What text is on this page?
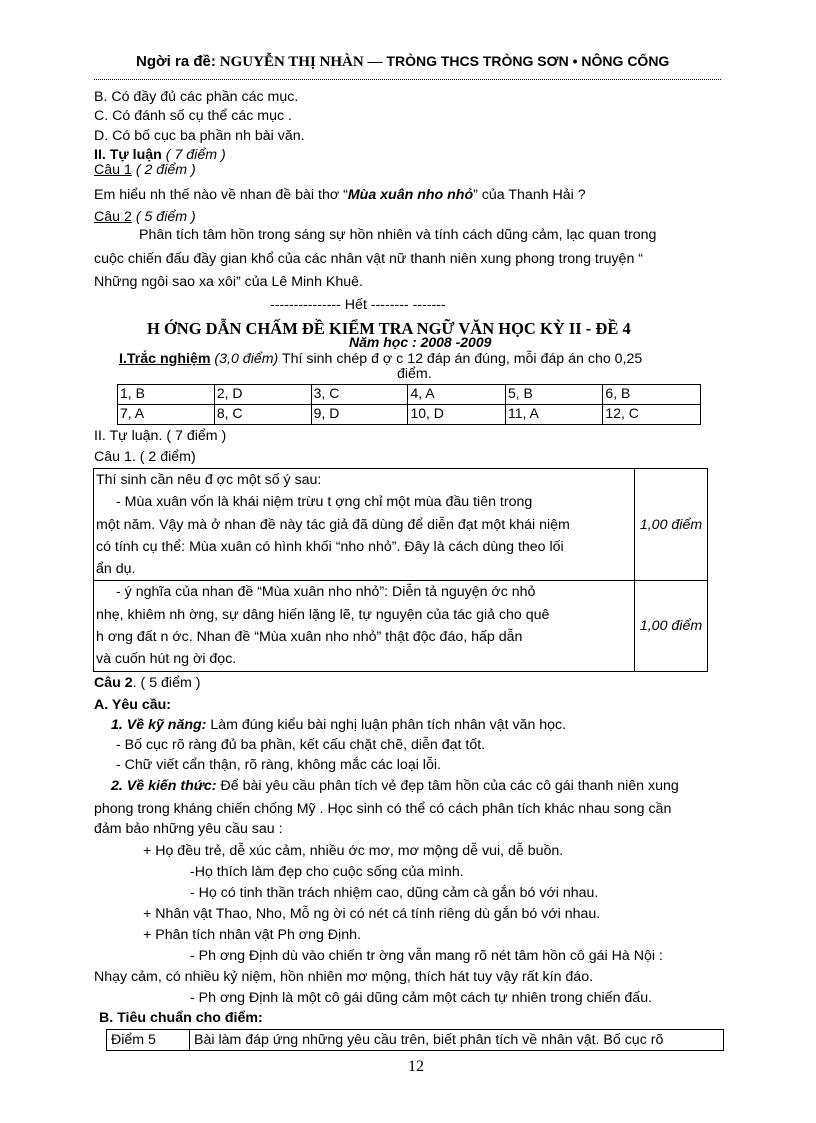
Ngời ra đề: NGUYỄN THỊ NHÀN — TRÒNG THCS TRÒNG SƠN • NÔNG CỐNG
B. Có đầy đủ các phần các mục.
C. Có đánh số cụ thể các mục .
D. Có bố cục ba phần nh bài văn.
II. Tự luận ( 7 điểm )
Câu 1 ( 2 điểm )
Em hiểu nh thế nào về nhan đề bài thơ “Mùa xuân nho nhỏ” của Thanh Hải ?
Câu 2 ( 5 điểm )
Phân tích tâm hồn trong sáng sự hồn nhiên và tính cách dũng cảm, lạc quan trong
cuộc chiến đấu đầy gian khổ của các nhân vật nữ thanh niên xung phong trong truyện “
Những ngôi sao xa xôi” của Lê Minh Khuê.
--------------- Hết -------- -------
H ỚNG DẪN CHẤM ĐỀ KIỂM TRA NGỮ VĂN HỌC KỲ II - ĐỀ 4
Năm học : 2008 -2009
I.Trắc nghiệm (3,0 điểm) Thí sinh chép đ ợ c 12 đáp án đúng, mỗi đáp án cho 0,25
điểm.
1, B	2, D	3, C	4, A	5, B	6, B
7, A	8, C	9, D	10, D	11, A	12, C
II. Tự luận. ( 7 điểm )
Câu 1. ( 2 điểm)
Thí sinh cần nêu đ ợc một số ý sau:
- Mùa xuân vốn là khái niệm trừu t ợng chỉ một mùa đầu tiên trong
một năm. Vậy mà ở nhan đề này tác giả đã dùng để diễn đạt một khái niệm
có tính cụ thể: Mùa xuân có hình khối “nho nhỏ”. Đây là cách dùng theo lối
ẩn dụ.	1,00 điểm

- ý nghĩa của nhan đề “Mùa xuân nho nhỏ”: Diễn tả nguyện ớc nhỏ
nhẹ, khiêm nh ờng, sự dâng hiến lặng lẽ, tự nguyện của tác giả cho quê
h ơng đất n ớc. Nhan đề “Mùa xuân nho nhỏ” thật độc đáo, hấp dẫn
và cuốn hút ng ời đọc.	1,00 điểm
Câu 2. ( 5 điểm )
A. Yêu cầu:
1. Về kỹ năng: Làm đúng kiểu bài nghị luận phân tích nhân vật văn học.
- Bố cục rõ ràng đủ ba phần, kết cấu chặt chẽ, diễn đạt tốt.
- Chữ viết cẩn thận, rõ ràng, không mắc các loại lỗi.
2. Về kiến thức: Để bài yêu cầu phân tích vẻ đẹp tâm hồn của các cô gái thanh niên xung
phong trong kháng chiến chống Mỹ . Học sinh có thể có cách phân tích khác nhau song cần
đảm bảo những yêu cầu sau :
+ Họ đều trẻ, dễ xúc cảm, nhiều ớc mơ, mơ mộng dễ vui, dễ buồn.
-Họ thích làm đẹp cho cuộc sống của mình.
- Họ có tinh thần trách nhiệm cao, dũng cảm cà gắn bó với nhau.
+ Nhân vật Thao, Nho, Mỗ ng ời có nét cá tính riêng dù gắn bó với nhau.
+ Phân tích nhân vật Ph ơng Định.
- Ph ơng Định dù vào chiến tr ờng vẫn mang rõ nét tâm hồn cô gái Hà Nội :
Nhạy cảm, có nhiều kỷ niệm, hồn nhiên mơ mộng, thích hát tuy vậy rất kín đáo.
- Ph ơng Định là một cô gái dũng cảm một cách tự nhiên trong chiến đấu.
B. Tiêu chuẩn cho điểm:
Điểm 5	Bài làm đáp ứng những yêu cầu trên, biết phân tích về nhân vật. Bố cục rõ
12
